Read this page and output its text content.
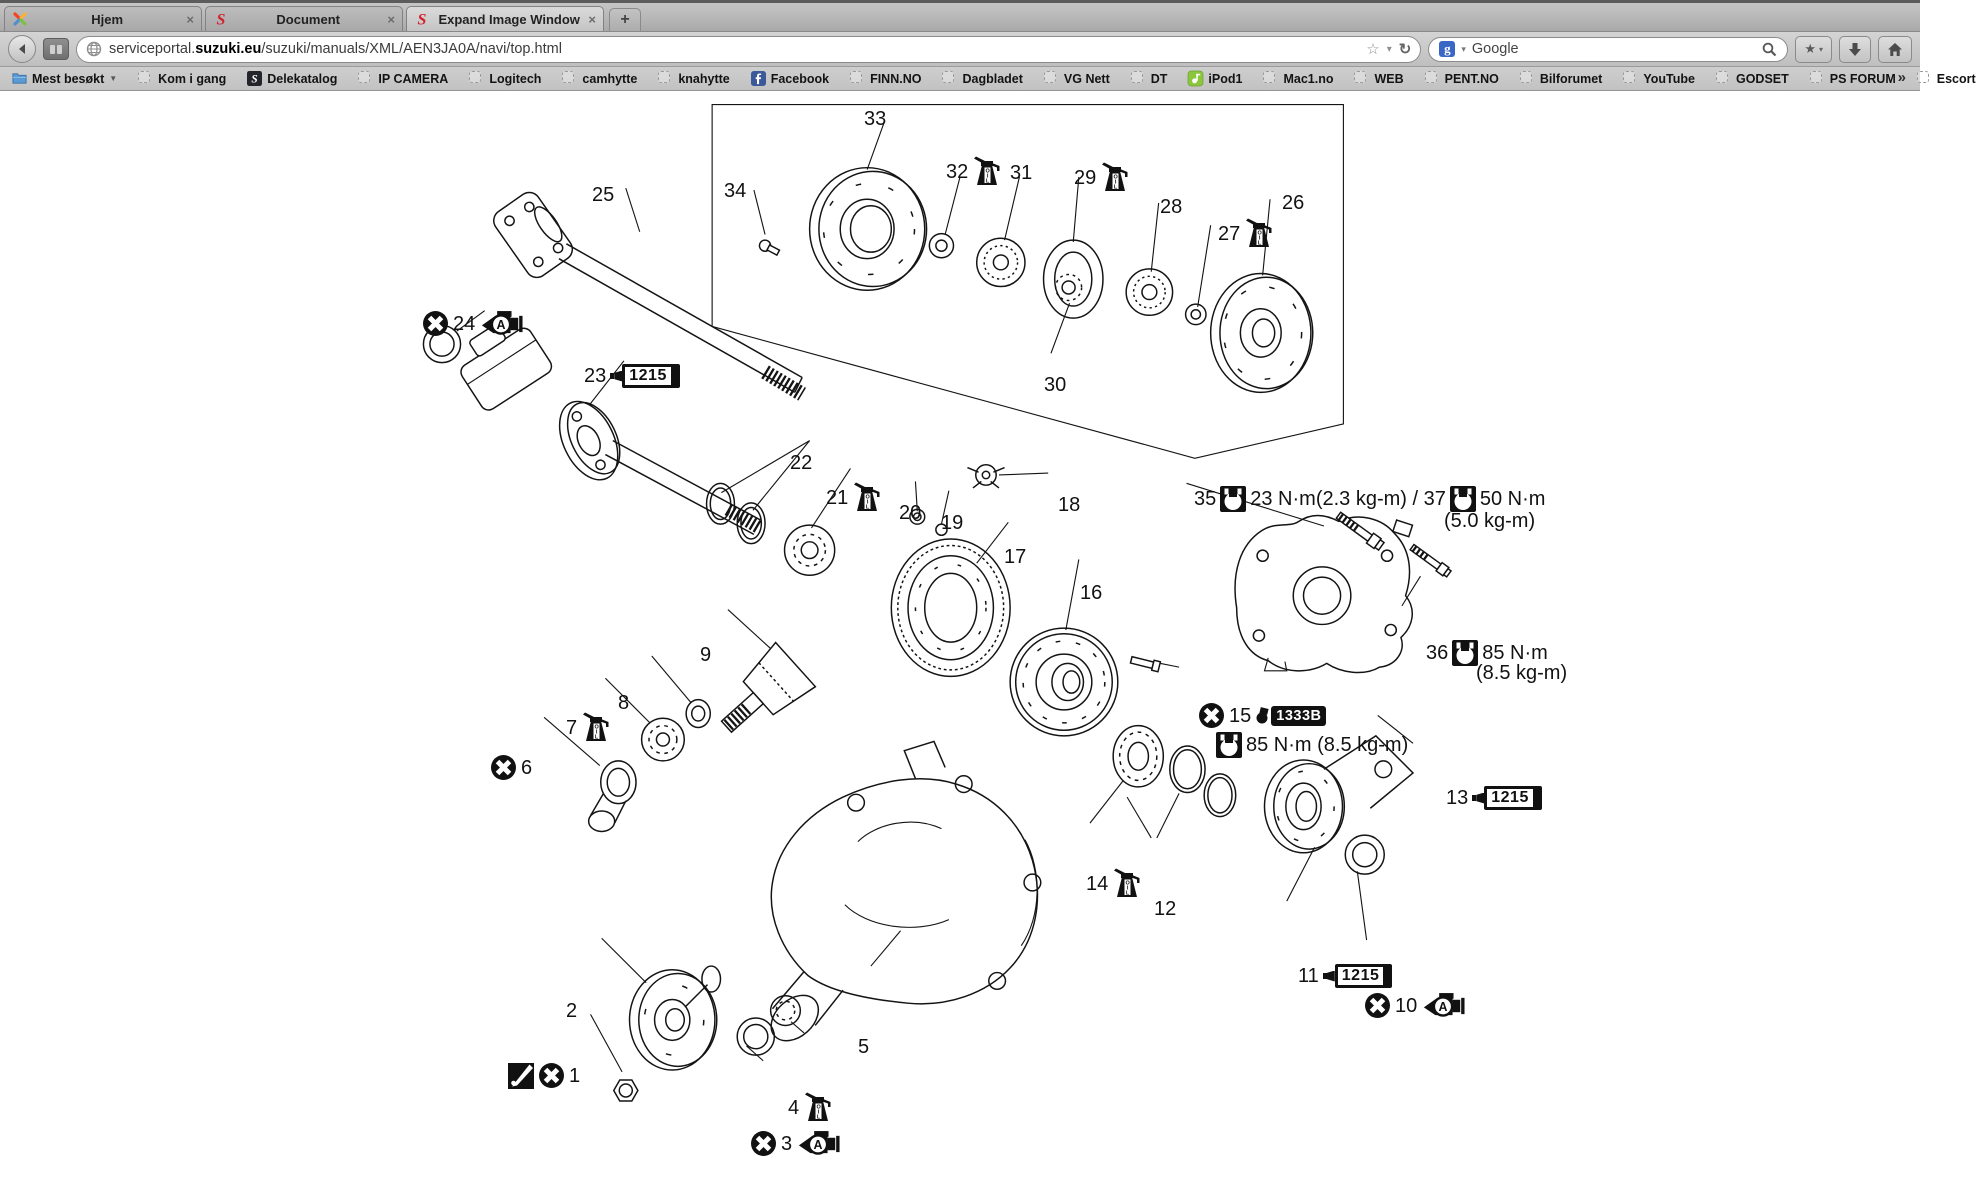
Hjem	× S	Document	× S Expand Image Window ×	+
serviceportal.suzuki.eu/suzuki/manuals/XML/AEN3JA0A/navi/top.html	☆ ▾ ↻	g	▾ Google	★ ▾
Mest besøkt ▼	Kom i gang S Delekatalog	IP CAMERA	Logitech	camhytte	knahytte	Facebook	FINN.NO	Dagbladet	VG Nett	DT	iPod1	Mac1.no	WEB	PENT.NO	Bilforumet	YouTube	GODSET	PS FORUM	Escort
»
1
2
3 A
4	O
I
L
5
6
7	O
I
L
8
9
10 A
11	1215
12
13	1215
14	O
I
L
15	1333B
85 N·m (8.5 kg-m)
16
17
18
19
20
21	O
I
L
22
23	1215
24 A
25	26
27	O
I
L
28
29	O
I
L
30
31
32	O
I
L
33
34
35 23 N·m(2.3 kg-m) / 37 50 N·m
(5.0 kg-m)
36 85 N·m
(8.5 kg-m)
